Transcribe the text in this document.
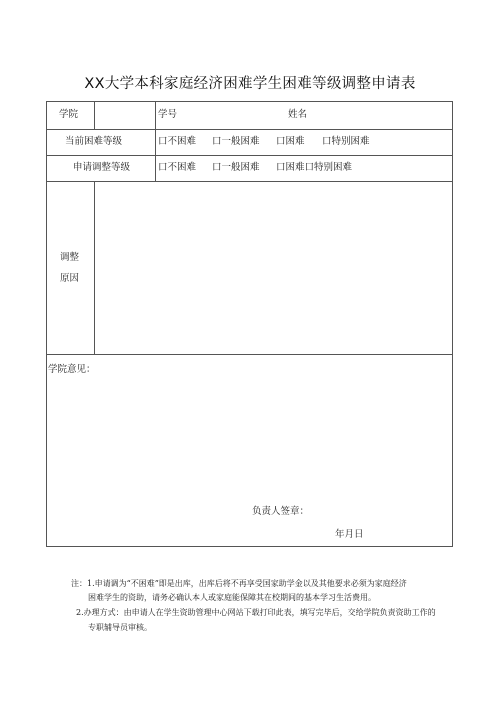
XX大学本科家庭经济困难学生困难等级调整申请表
学院	学号	姓名
当前困难等级	口不困难 口一般困难 口困难 口特别困难
申请调整等级	口不困难 口一般困难 口困难口特别困难
调整
原因
学院意见：
负责人签章：
年月日
注：1.申请调为“不困难”即是出库，出库后将不再享受国家助学金以及其他要求必须为家庭经济
困难学生的资助，请务必确认本人或家庭能保障其在校期间的基本学习生活费用。
2.办理方式：由申请人在学生资助管理中心网站下载打印此表，填写完毕后，交给学院负责资助工作的
专职辅导员审核。
